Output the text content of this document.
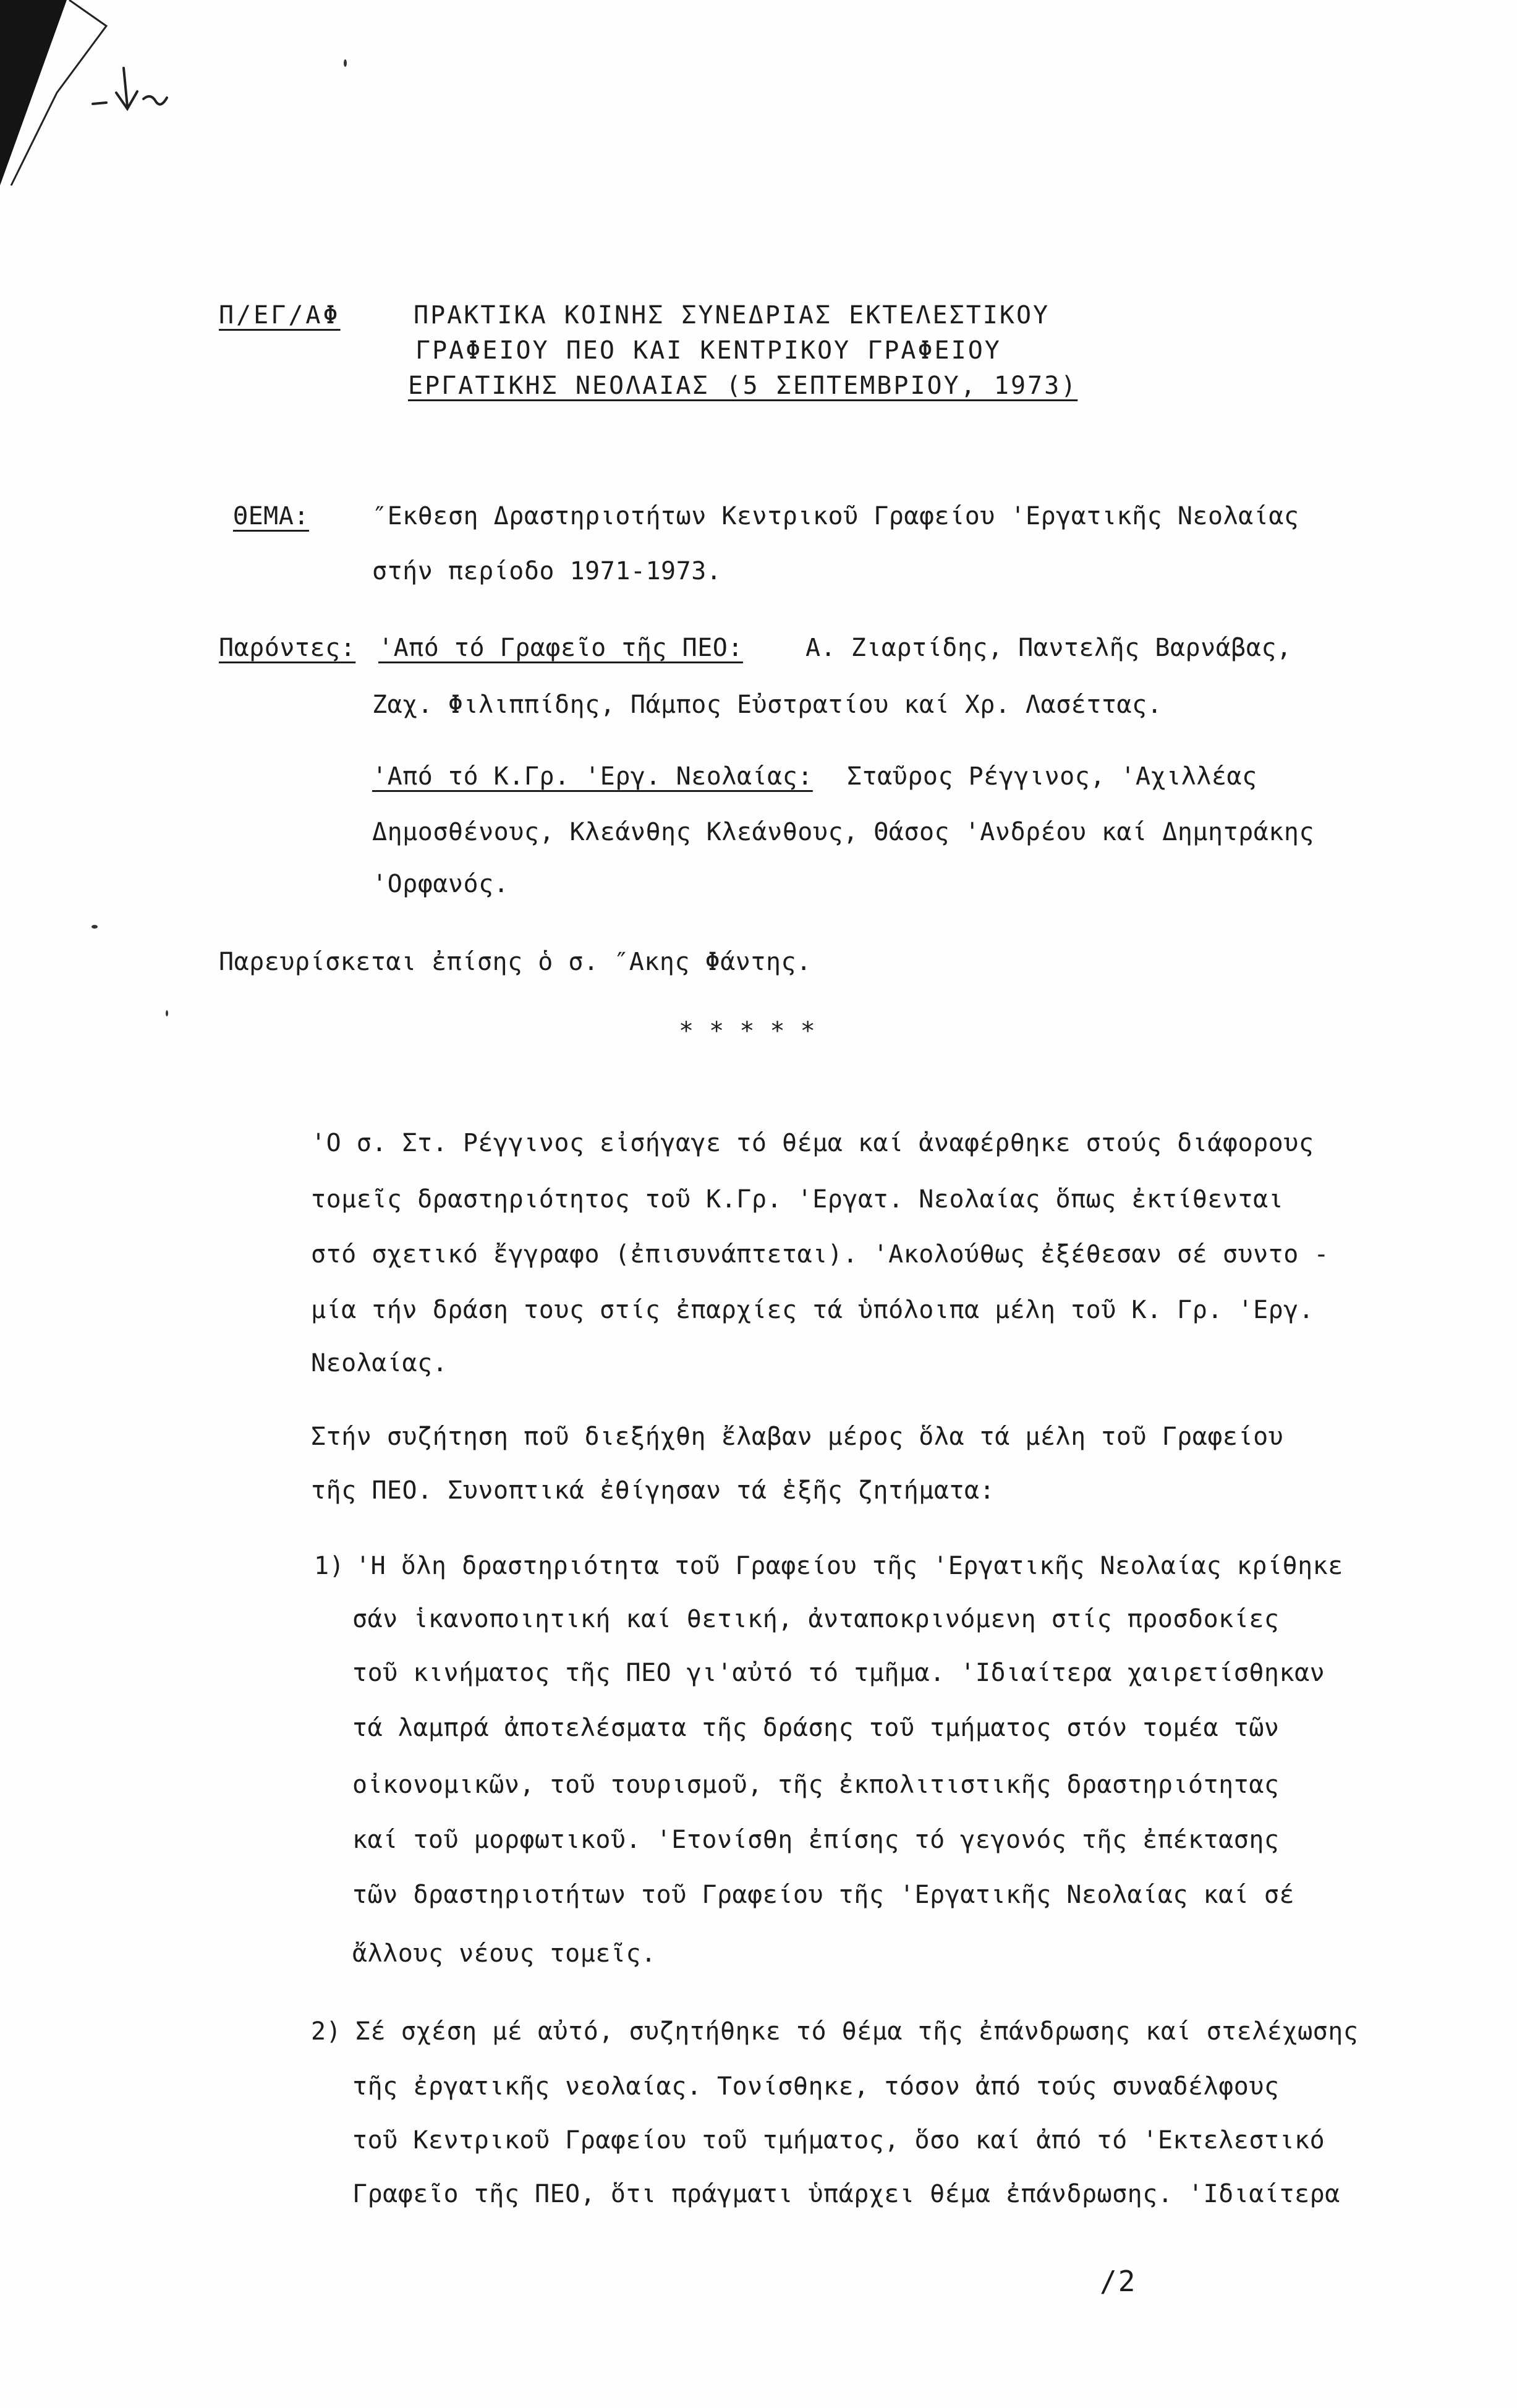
Π/ΕΓ/ΑΦ	ΠΡΑΚΤΙΚΑ ΚΟΙΝΗΣ ΣΥΝΕΔΡΙΑΣ ΕΚΤΕΛΕΣΤΙΚΟΥ
ΓΡΑΦΕΙΟΥ ΠΕΟ ΚΑΙ ΚΕΝΤΡΙΚΟΥ ΓΡΑΦΕΙΟΥ
ΕΡΓΑΤΙΚΗΣ ΝΕΟΛΑΙΑΣ (5 ΣΕΠΤΕΜΒΡΙΟΥ, 1973)
ΘΕΜΑ:	″Εκθεση Δραστηριοτήτων Κεντρικοῦ Γραφείου 'Εργατικῆς Νεολαίας
στήν περίοδο 1971-1973.
Παρόντες: 'Από τό Γραφεῖο τῆς ΠΕΟ:	Α. Ζιαρτίδης, Παντελῆς Βαρνάβας,
Ζαχ. Φιλιππίδης, Πάμπος Εὐστρατίου καί Χρ. Λασέττας.
'Από τό Κ.Γρ. 'Εργ. Νεολαίας: Σταῦρος Ρέγγινος, 'Αχιλλέας
Δημοσθένους, Κλεάνθης Κλεάνθους, Θάσος 'Ανδρέου καί Δημητράκης
'Ορφανός.
Παρευρίσκεται ἐπίσης ὁ σ. ″Ακης Φάντης.
* * * * *
'Ο σ. Στ. Ρέγγινος εἰσήγαγε τό θέμα καί ἀναφέρθηκε στούς διάφορους
τομεῖς δραστηριότητος τοῦ Κ.Γρ. 'Εργατ. Νεολαίας ὅπως ἐκτίθενται
στό σχετικό ἔγγραφο (ἐπισυνάπτεται). 'Ακολούθως ἐξέθεσαν σέ συντο -
μία τήν δράση τους στίς ἐπαρχίες τά ὑπόλοιπα μέλη τοῦ Κ. Γρ. 'Εργ.
Νεολαίας.
Στήν συζήτηση ποῦ διεξήχθη ἔλαβαν μέρος ὅλα τά μέλη τοῦ Γραφείου
τῆς ΠΕΟ. Συνοπτικά ἐθίγησαν τά ἑξῆς ζητήματα:
1) 'Η ὅλη δραστηριότητα τοῦ Γραφείου τῆς 'Εργατικῆς Νεολαίας κρίθηκε
σάν ἱκανοποιητική καί θετική, ἀνταποκρινόμενη στίς προσδοκίες
τοῦ κινήματος τῆς ΠΕΟ γι'αὐτό τό τμῆμα. 'Ιδιαίτερα χαιρετίσθηκαν
τά λαμπρά ἀποτελέσματα τῆς δράσης τοῦ τμήματος στόν τομέα τῶν
οἰκονομικῶν, τοῦ τουρισμοῦ, τῆς ἐκπολιτιστικῆς δραστηριότητας
καί τοῦ μορφωτικοῦ. 'Ετονίσθη ἐπίσης τό γεγονός τῆς ἐπέκτασης
τῶν δραστηριοτήτων τοῦ Γραφείου τῆς 'Εργατικῆς Νεολαίας καί σέ
ἄλλους νέους τομεῖς.
2) Σέ σχέση μέ αὐτό, συζητήθηκε τό θέμα τῆς ἐπάνδρωσης καί στελέχωσης
τῆς ἐργατικῆς νεολαίας. Τονίσθηκε, τόσον ἀπό τούς συναδέλφους
τοῦ Κεντρικοῦ Γραφείου τοῦ τμήματος, ὅσο καί ἀπό τό 'Εκτελεστικό
Γραφεῖο τῆς ΠΕΟ, ὅτι πράγματι ὑπάρχει θέμα ἐπάνδρωσης. 'Ιδιαίτερα
/2
